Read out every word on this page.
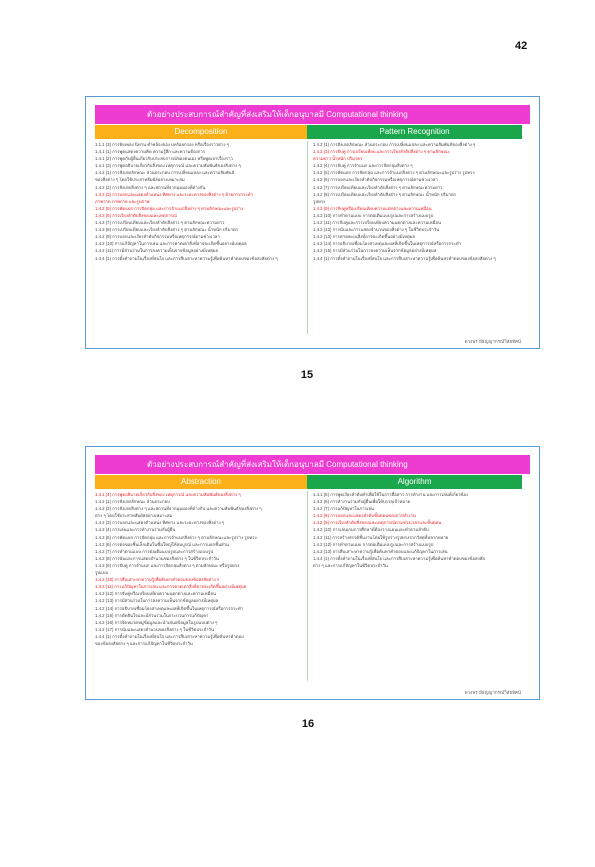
42
ตัวอย่างประสบการณ์สำคัญที่ส่งเสริมให้เด็กอนุบาลมี Computational thinking
Decomposition	Pattern Recognition

1.1.1 (3) การฟังเพลง นิทาน คำคล้องจอง บทร้อยกรอง หรือเรื่องราวต่าง ๆ

1.4.1 (1) การพูดแสดงความคิด ความรู้สึก และความต้องการ

1.4.1 (2) การพูดกับผู้อื่นเกี่ยวกับประสบการณ์ของตนเอง หรือพูดเล่าเรื่องราว

1.4.1 (3) การพูดอธิบายเกี่ยวกับสิ่งของ เหตุการณ์ และความสัมพันธ์ของสิ่งต่าง ๆ

1.4.2 (1) การสังเกตลักษณะ ส่วนประกอบ การเปลี่ยนแปลง และความสัมพันธ์

ของสิ่งต่าง ๆ โดยใช้ประสาทสัมผัสอย่างเหมาะสม

1.4.2 (2) การสังเกตสิ่งต่าง ๆ และสถานที่จากมุมมองที่ต่างกัน

1.4.2 (3) การบอกและแสดงตำแหน่ง ทิศทาง และระยะทางของสิ่งต่าง ๆ ด้วยการกระทำ

ภาพวาด ภาพถ่าย และรูปภาพ

1.4.2 (5) การคัดแยก การจัดกลุ่ม และการจำแนกสิ่งต่าง ๆ ตามลักษณะและรูปร่าง

1.4.2 (6) การเรียงลำดับสิ่งของและเหตุการณ์

1.4.2 (7) การเปรียบเทียบและเรียงลำดับสิ่งต่าง ๆ ตามลักษณะความยาว

1.4.2 (8) การเปรียบเทียบและเรียงลำดับสิ่งต่าง ๆ ตามลักษณะ น้ำหนัก ปริมาตร

1.4.2 (9) การบอกและเรียงลำดับกิจกรรมหรือเหตุการณ์ตามช่วงเวลา

1.4.2 (10) การแก้ปัญหาในการเล่น และการคาดเดาสิ่งที่อาจจะเกิดขึ้นอย่างมีเหตุผล

1.4.2 (11) การมีส่วนร่วมในการลงความเห็นจากข้อมูลอย่างมีเหตุผล

1.4.4 (1) การตั้งคำถามในเรื่องที่สนใจ และการสืบเสาะหาความรู้เพื่อค้นหาคำตอบของข้อสงสัยต่าง ๆ

1.4.2 (1) การสังเกตลักษณะ ส่วนประกอบ การเปลี่ยนแปลง และความสัมพันธ์ของสิ่งต่าง ๆ

1.4.2 (3) การจับคู่ การเปรียบเทียบ และการเรียงลำดับสิ่งต่าง ๆ ตามลักษณะ

ความยาว น้ำหนัก ปริมาตร

1.4.2 (4) การจับคู่ การจำแนก และการจัดกลุ่มสิ่งต่าง ๆ

1.4.2 (5) การคัดแยก การจัดกลุ่ม และการจำแนกสิ่งต่าง ๆ ตามลักษณะและรูปร่าง รูปทรง

1.4.2 (6) การบอกและเรียงลำดับกิจกรรมหรือเหตุการณ์ตามช่วงเวลา

1.4.2 (7) การเปรียบเทียบและเรียงลำดับสิ่งต่าง ๆ ตามลักษณะความยาว

1.4.2 (8) การเปรียบเทียบและเรียงลำดับสิ่งต่าง ๆ ตามลักษณะ น้ำหนัก ปริมาตร

รูปทรง

1.4.2 (9) การจับคู่หรือเปรียบเทียบความแตกต่างและความเหมือน

1.4.2 (10) การทำตามแบบ การต่อเติมแบบรูปและการสร้างแบบรูป

1.4.2 (11) การจับคู่และการเปรียบเทียบความแตกต่างและความเหมือน

1.4.2 (12) การนับและการแสดงจำนวนของสิ่งต่าง ๆ ในชีวิตประจำวัน

1.4.2 (13) การคาดคะเนสิ่งที่อาจจะเกิดขึ้นอย่างมีเหตุผล

1.4.2 (14) การอธิบายเชื่อมโยงสาเหตุและผลที่เกิดขึ้นในเหตุการณ์หรือการกระทำ

1.4.2 (15) การมีส่วนร่วมในการลงความเห็นจากข้อมูลอย่างมีเหตุผล

1.4.4 (1) การตั้งคำถามในเรื่องที่สนใจ และการสืบเสาะหาความรู้เพื่อค้นหาคำตอบของข้อสงสัยต่าง ๆ

ดวงพร มีธัญญากรณ์วิสัยทัศน์
15
ตัวอย่างประสบการณ์สำคัญที่ส่งเสริมให้เด็กอนุบาลมี Computational thinking
Abstraction	Algorithm

1.4.1 (4) การพูดอธิบายเกี่ยวกับสิ่งของ เหตุการณ์ และความสัมพันธ์ของสิ่งต่าง ๆ

1.4.2 (1) การสังเกตลักษณะ ส่วนประกอบ

1.4.2 (2) การสังเกตสิ่งต่าง ๆ และสถานที่จากมุมมองที่ต่างกัน และความสัมพันธ์ของสิ่งต่าง ๆ

ต่าง ๆ โดยใช้ประสาทสัมผัสอย่างเหมาะสม

1.4.2 (3) การบอกและแสดงตำแหน่ง ทิศทาง และระยะทางของสิ่งต่าง ๆ

1.4.2 (4) การเล่นและการทำงานร่วมกับผู้อื่น

1.4.2 (5) การคัดแยก การจัดกลุ่ม และการจำแนกสิ่งต่าง ๆ ตามลักษณะและรูปร่าง รูปทรง

1.4.2 (6) การต่อของชิ้นเล็กเติมในชิ้นใหญ่ให้สมบูรณ์ และการแยกชิ้นส่วน

1.4.2 (7) การทำตามแบบ การต่อเติมแบบรูปและการสร้างแบบรูป

1.4.2 (8) การนับและการแสดงจำนวนของสิ่งต่าง ๆ ในชีวิตประจำวัน

1.4.2 (9) การจับคู่ การจำแนก และการจัดกลุ่มสิ่งต่าง ๆ ตามลักษณะ หรือรูปทรง

รูปแบบ

1.4.2 (10) การสืบเสาะหาความรู้เพื่อค้นหาคำตอบของข้อสงสัยต่าง ๆ

1.4.2 (11) การแก้ปัญหาในการเล่น และการคาดเดาสิ่งที่อาจจะเกิดขึ้นอย่างมีเหตุผล

1.4.2 (12) การจับคู่หรือเปรียบเทียบความแตกต่างและความเหมือน

1.4.2 (13) การมีส่วนร่วมในการลงความเห็นจากข้อมูลอย่างมีเหตุผล

1.4.2 (14) การอธิบายเชื่อมโยงสาเหตุและผลที่เกิดขึ้นในเหตุการณ์หรือการกระทำ

1.4.2 (15) การตัดสินใจและมีส่วนร่วมในกระบวนการแก้ปัญหา

1.4.2 (16) การจัดหมวดหมู่ข้อมูลและนำเสนอข้อมูลในรูปแบบต่าง ๆ

1.4.2 (17) การนับและแสดงจำนวนของสิ่งต่าง ๆ ในชีวิตประจำวัน

1.4.4 (1) การตั้งคำถามในเรื่องที่สนใจ และการสืบเสาะหาความรู้เพื่อค้นหาคำตอบ

ของข้อสงสัยต่าง ๆ และการแก้ปัญหาในชีวิตประจำวัน

1.4.1 (5) การพูดเรียงลำดับคำเพื่อใช้ในการสื่อสาร การทำงาน และการเล่นที่เกี่ยวข้อง

1.4.2 (6) การทำงานร่วมกับผู้อื่นเพื่อให้บรรลุเป้าหมาย

1.4.2 (7) การแก้ปัญหาในการเล่น

1.4.2 (8) การบอกและแสดงลำดับขั้นตอนของการทำงาน

1.4.2 (9) การเรียงลำดับสิ่งของและเหตุการณ์ตามช่วงเวลาและขั้นตอน

1.4.2 (10) การเล่นเกมการศึกษาที่ต้องวางแผนและทำตามลำดับ

1.4.2 (11) การสร้างสรรค์ชิ้นงานโดยใช้รูปร่างรูปทรงจากวัสดุที่หลากหลาย

1.4.2 (12) การทำตามแบบ การต่อเติมแบบรูปและการสร้างแบบรูป

1.4.2 (13) การสืบเสาะหาความรู้เพื่อค้นหาคำตอบและแก้ปัญหาในการเล่น

1.4.4 (1) การตั้งคำถามในเรื่องที่สนใจ และการสืบเสาะหาความรู้เพื่อค้นหาคำตอบของข้อสงสัย

ต่าง ๆ และการแก้ปัญหาในชีวิตประจำวัน

ดวงพร มีธัญญากรณ์วิสัยทัศน์
16
